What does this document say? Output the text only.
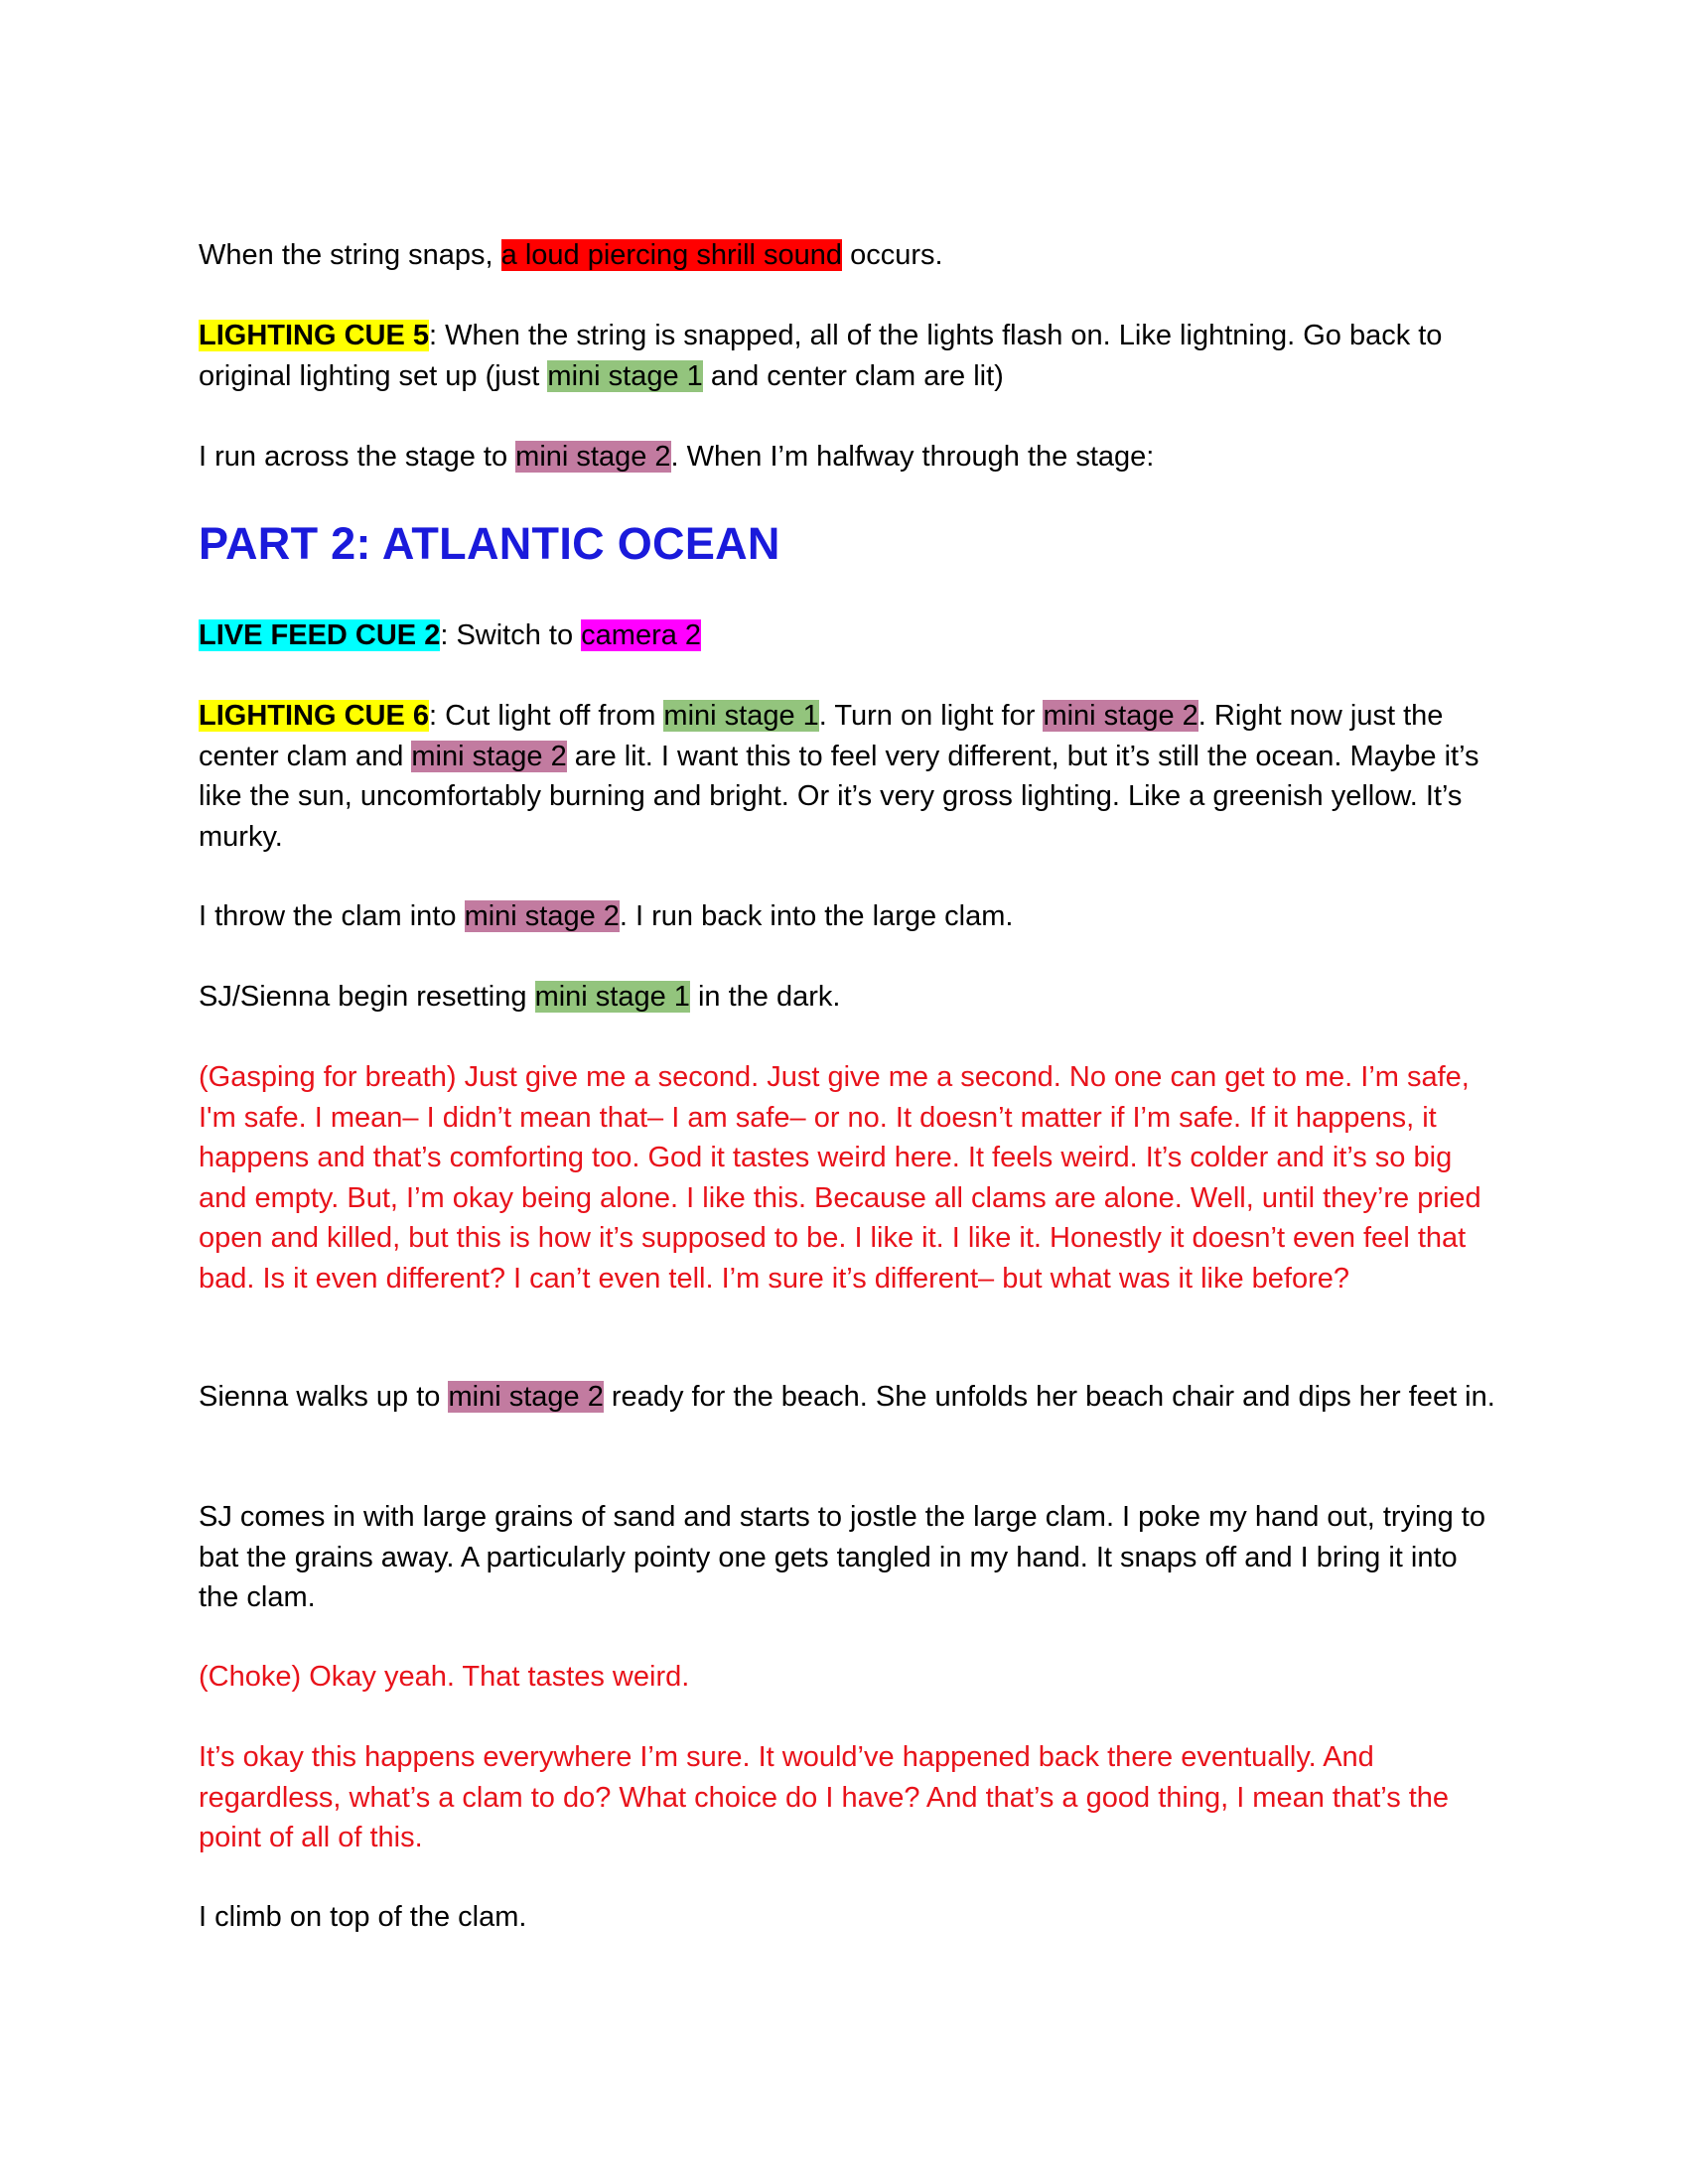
When the string snaps, a loud piercing shrill sound occurs.

LIGHTING CUE 5: When the string is snapped, all of the lights flash on. Like lightning. Go back to original lighting set up (just mini stage 1 and center clam are lit)

I run across the stage to mini stage 2. When I’m halfway through the stage:

PART 2: ATLANTIC OCEAN

LIVE FEED CUE 2: Switch to camera 2

LIGHTING CUE 6: Cut light off from mini stage 1. Turn on light for mini stage 2. Right now just the center clam and mini stage 2 are lit. I want this to feel very different, but it’s still the ocean. Maybe it’s like the sun, uncomfortably burning and bright. Or it’s very gross lighting. Like a greenish yellow. It’s murky.

I throw the clam into mini stage 2. I run back into the large clam.

SJ/Sienna begin resetting mini stage 1 in the dark.

(Gasping for breath) Just give me a second. Just give me a second. No one can get to me. I’m safe, I'm safe. I mean– I didn’t mean that– I am safe– or no. It doesn’t matter if I’m safe. If it happens, it happens and that’s comforting too. God it tastes weird here. It feels weird. It’s colder and it’s so big and empty. But, I’m okay being alone. I like this. Because all clams are alone. Well, until they’re pried open and killed, but this is how it’s supposed to be. I like it. I like it. Honestly it doesn’t even feel that bad. Is it even different? I can’t even tell. I’m sure it’s different– but what was it like before?

Sienna walks up to mini stage 2 ready for the beach. She unfolds her beach chair and dips her feet in.

SJ comes in with large grains of sand and starts to jostle the large clam. I poke my hand out, trying to bat the grains away. A particularly pointy one gets tangled in my hand. It snaps off and I bring it into the clam.

(Choke) Okay yeah. That tastes weird.

It’s okay this happens everywhere I’m sure. It would’ve happened back there eventually. And regardless, what’s a clam to do? What choice do I have? And that’s a good thing, I mean that’s the point of all of this.

I climb on top of the clam.
